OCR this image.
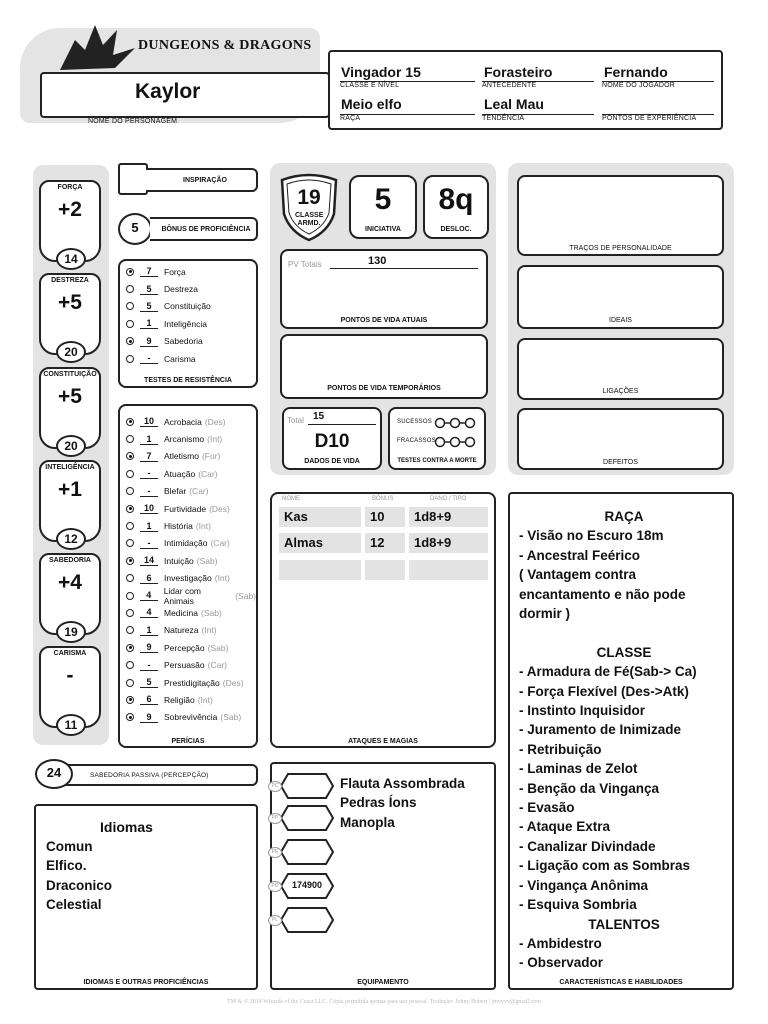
DUNGEONS & DRAGONS
Kaylor
NOME DO PERSONAGEM
Vingador 15
CLASSE E NÍVEL
Forasteiro
ANTECEDENTE
Fernando
NOME DO JOGADOR
Meio elfo
RAÇA
Leal Mau
TENDÊNCIA	PONTOS DE EXPERIÊNCIA
FORÇA
+2
14
DESTREZA
+5
20
CONSTITUIÇÃO
+5
20
INTELIGÊNCIA
+1
12
SABEDORIA
+4
19
CARISMA
-
11
INSPIRAÇÃO
5	BÔNUS DE PROFICIÊNCIA
7	Força
5	Destreza
5	Constituição
1	Inteligência
9	Sabedoria
-	Carisma
TESTES DE RESISTÊNCIA
10	Acrobacia (Des)
1	Arcanismo (Int)
7	Atletismo (For)
-	Atuação (Car)
-	Blefar (Car)
10	Furtividade (Des)
1	História (Int)
-	Intimidação (Car)
14	Intuição (Sab)
6	Investigação (Int)
4	Lidar com Animais
(Sab)
4	Medicina (Sab)
1	Natureza (Int)
9	Percepção (Sab)
-	Persuasão (Car)
5	Prestidigitação (Des)
6	Religião (Int)
9	Sobrevivência (Sab)
PERÍCIAS
24	SABEDORIA PASSIVA (PERCEPÇÃO)
Idiomas
Comun
Elfico.
Draconico
Celestial
IDIOMAS E OUTRAS PROFICIÊNCIAS
19
CLASSE ARMD.
5
INICIATIVA
8q
DESLOC.
PV Totais	130
PONTOS DE VIDA ATUAIS
PONTOS DE VIDA TEMPORÁRIOS
Total 15
D10
DADOS DE VIDA
SUCESSOS
FRACASSOS
TESTES CONTRA A MORTE
TRAÇOS DE PERSONALIDADE
IDEAIS
LIGAÇÕES
DEFEITOS
NOME	BÔNUS	DANO / TIPO
Kas	10	1d8+9
Almas	12	1d8+9
ATAQUES E MAGIAS
PC
PP
PE
PO	174900
PL
Flauta Assombrada
Pedras Íons
Manopla
EQUIPAMENTO
RAÇA
- Visão no Escuro 18m
- Ancestral Feérico
( Vantagem contra
encantamento e não pode
dormir )
CLASSE
- Armadura de Fé(Sab-> Ca)
- Força Flexível (Des->Atk)
- Instinto Inquisidor
- Juramento de Inimizade
- Retribuição
- Laminas de Zelot
- Benção da Vingança
- Evasão
- Ataque Extra
- Canalizar Divindade
- Ligação com as Sombras
- Vingança Anônima
- Esquiva Sombria
TALENTOS
- Ambidestro
- Observador
CARACTERÍSTICAS E HABILIDADES
TM & © 2014 Wizards of the Coast LLC. Cópia permitida apenas para uso pessoal. Tradução: Johny Bobert | jmvvvv@gmail.com
